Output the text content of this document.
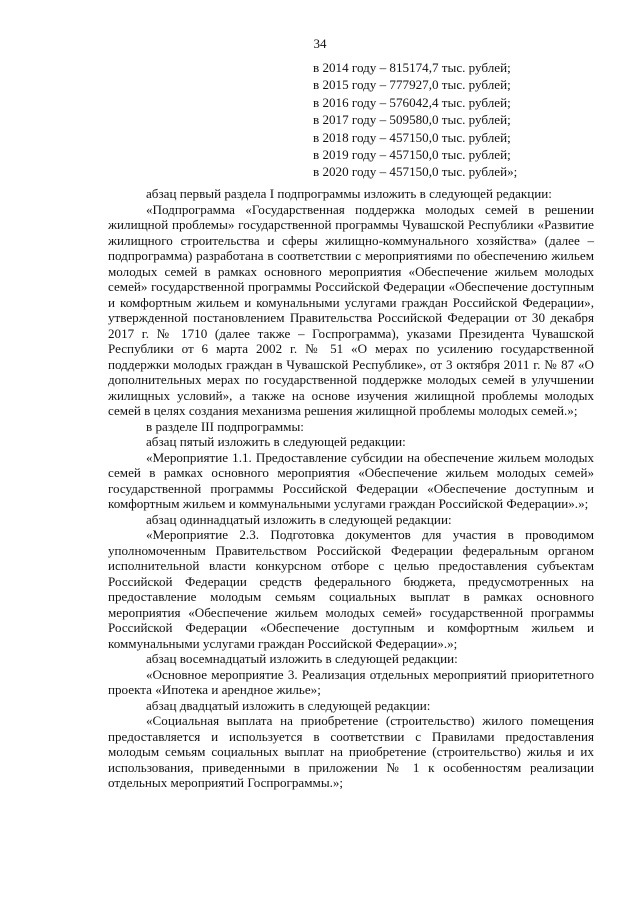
34
в 2014 году – 815174,7 тыс. рублей;
в 2015 году – 777927,0 тыс. рублей;
в 2016 году – 576042,4 тыс. рублей;
в 2017 году – 509580,0 тыс. рублей;
в 2018 году – 457150,0 тыс. рублей;
в 2019 году – 457150,0 тыс. рублей;
в 2020 году – 457150,0 тыс. рублей»;

абзац первый раздела I подпрограммы изложить в следующей редакции:

«Подпрограмма «Государственная поддержка молодых семей в решении жилищной проблемы» государственной программы Чувашской Республики «Развитие жилищного строительства и сферы жилищно-коммунального хозяйства» (далее – подпрограмма) разработана в соответствии с мероприятиями по обеспечению жильем молодых семей в рамках основного мероприятия «Обеспечение жильем молодых семей» государственной программы Российской Федерации «Обеспечение доступным и комфортным жильем и комунальными услугами граждан Российской Федерации», утвержденной постановлением Правительства Российской Федерации от 30 декабря 2017 г. № 1710 (далее также – Госпрограмма), указами Президента Чувашской Республики от 6 марта 2002 г. № 51 «О мерах по усилению государственной поддержки молодых граждан в Чувашской Республике», от 3 октября 2011 г. № 87 «О дополнительных мерах по государственной поддержке молодых семей в улучшении жилищных условий», а также на основе изучения жилищной проблемы молодых семей в целях создания механизма решения жилищной проблемы молодых семей.»;

в разделе III подпрограммы:

абзац пятый изложить в следующей редакции:

«Мероприятие 1.1. Предоставление субсидии на обеспечение жильем молодых семей в рамках основного мероприятия «Обеспечение жильем молодых семей» государственной программы Российской Федерации «Обеспечение доступным и комфортным жильем и коммунальными услугами граждан Российской Федерации».»;

абзац одиннадцатый изложить в следующей редакции:

«Мероприятие 2.3. Подготовка документов для участия в проводимом уполномоченным Правительством Российской Федерации федеральным органом исполнительной власти конкурсном отборе с целью предоставления субъектам Российской Федерации средств федерального бюджета, предусмотренных на предоставление молодым семьям социальных выплат в рамках основного мероприятия «Обеспечение жильем молодых семей» государственной программы Российской Федерации «Обеспечение доступным и комфортным жильем и коммунальными услугами граждан Российской Федерации».»;

абзац восемнадцатый изложить в следующей редакции:

«Основное мероприятие 3. Реализация отдельных мероприятий приоритетного проекта «Ипотека и арендное жилье»;

абзац двадцатый изложить в следующей редакции:

«Социальная выплата на приобретение (строительство) жилого помещения предоставляется и используется в соответствии с Правилами предоставления молодым семьям социальных выплат на приобретение (строительство) жилья и их использования, приведенными в приложении № 1 к особенностям реализации отдельных мероприятий Госпрограммы.»;
